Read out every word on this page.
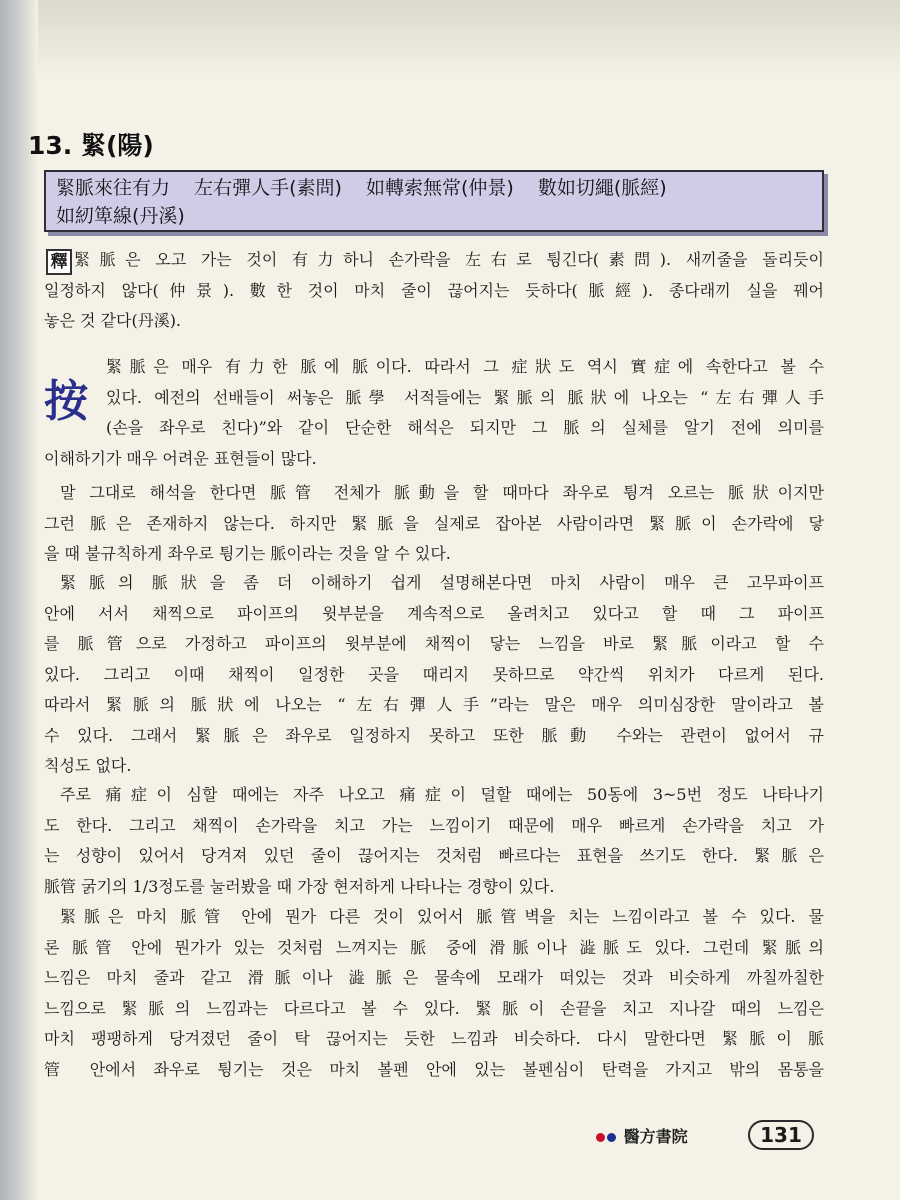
13. 緊(陽)
緊脈來往有力 左右彈人手(素問) 如轉索無常(仲景) 數如切繩(脈經) 如紉箄線(丹溪)
釋 緊脈은 오고 가는 것이 有力하니 손가락을 左右로 튕긴다(素問). 새끼줄을 돌리듯이
일정하지 않다(仲景). 數한 것이 마치 줄이 끊어지는 듯하다(脈經). 종다래끼 실을 꿰어
놓은 것 같다(丹溪).
按
緊脈은 매우 有力한 脈에 脈이다. 따라서 그 症狀도 역시 實症에 속한다고 볼 수
있다. 예전의 선배들이 써놓은 脈學 서적들에는 緊脈의 脈狀에 나오는 “左右彈人手
(손을 좌우로 친다)”와 같이 단순한 해석은 되지만 그 脈의 실체를 알기 전에 의미를
이해하기가 매우 어려운 표현들이 많다.
말 그대로 해석을 한다면 脈管 전체가 脈動을 할 때마다 좌우로 튕겨 오르는 脈狀이지만
그런 脈은 존재하지 않는다. 하지만 緊脈을 실제로 잡아본 사람이라면 緊脈이 손가락에 닿
을 때 불규칙하게 좌우로 튕기는 脈이라는 것을 알 수 있다.
緊脈의 脈狀을 좀 더 이해하기 쉽게 설명해본다면 마치 사람이 매우 큰 고무파이프
안에 서서 채찍으로 파이프의 윗부분을 계속적으로 올려치고 있다고 할 때 그 파이프
를 脈管으로 가정하고 파이프의 윗부분에 채찍이 닿는 느낌을 바로 緊脈이라고 할 수
있다. 그리고 이때 채찍이 일정한 곳을 때리지 못하므로 약간씩 위치가 다르게 된다.
따라서 緊脈의 脈狀에 나오는 “左右彈人手”라는 말은 매우 의미심장한 말이라고 볼
수 있다. 그래서 緊脈은 좌우로 일정하지 못하고 또한 脈動 수와는 관련이 없어서 규
칙성도 없다.
주로 痛症이 심할 때에는 자주 나오고 痛症이 덜할 때에는 50동에 3~5번 정도 나타나기
도 한다. 그리고 채찍이 손가락을 치고 가는 느낌이기 때문에 매우 빠르게 손가락을 치고 가
는 성향이 있어서 당겨져 있던 줄이 끊어지는 것처럼 빠르다는 표현을 쓰기도 한다. 緊脈은
脈管 굵기의 1/3정도를 눌러봤을 때 가장 현저하게 나타나는 경향이 있다.
緊脈은 마치 脈管 안에 뭔가 다른 것이 있어서 脈管벽을 치는 느낌이라고 볼 수 있다. 물
론 脈管 안에 뭔가가 있는 것처럼 느껴지는 脈 중에 滑脈이나 澁脈도 있다. 그런데 緊脈의
느낌은 마치 줄과 같고 滑脈이나 澁脈은 물속에 모래가 떠있는 것과 비슷하게 까칠까칠한
느낌으로 緊脈의 느낌과는 다르다고 볼 수 있다. 緊脈이 손끝을 치고 지나갈 때의 느낌은
마치 팽팽하게 당겨졌던 줄이 탁 끊어지는 듯한 느낌과 비슷하다. 다시 말한다면 緊脈이 脈
管 안에서 좌우로 튕기는 것은 마치 볼펜 안에 있는 볼펜심이 탄력을 가지고 밖의 몸통을
醫方書院	131
